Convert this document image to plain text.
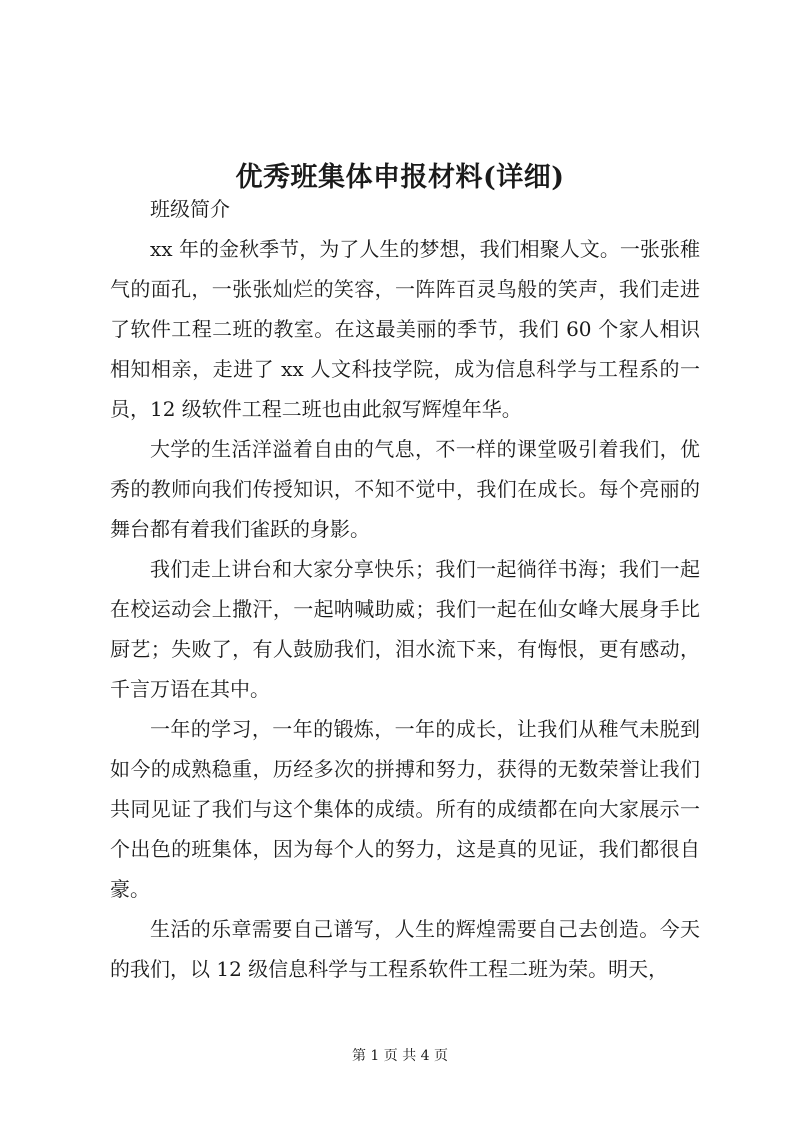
优秀班集体申报材料(详细)

班级简介

xx 年的金秋季节，为了人生的梦想，我们相聚人文。一张张稚气的面孔，一张张灿烂的笑容，一阵阵百灵鸟般的笑声，我们走进了软件工程二班的教室。在这最美丽的季节，我们 60 个家人相识相知相亲，走进了 xx 人文科技学院，成为信息科学与工程系的一员，12 级软件工程二班也由此叙写辉煌年华。

大学的生活洋溢着自由的气息，不一样的课堂吸引着我们，优秀的教师向我们传授知识，不知不觉中，我们在成长。每个亮丽的舞台都有着我们雀跃的身影。

我们走上讲台和大家分享快乐；我们一起徜徉书海；我们一起在校运动会上撒汗，一起呐喊助威；我们一起在仙女峰大展身手比厨艺；失败了，有人鼓励我们，泪水流下来，有悔恨，更有感动，千言万语在其中。

一年的学习，一年的锻炼，一年的成长，让我们从稚气未脱到如今的成熟稳重，历经多次的拼搏和努力，获得的无数荣誉让我们共同见证了我们与这个集体的成绩。所有的成绩都在向大家展示一个出色的班集体，因为每个人的努力，这是真的见证，我们都很自豪。

生活的乐章需要自己谱写，人生的辉煌需要自己去创造。今天的我们，以 12 级信息科学与工程系软件工程二班为荣。明天，

第 1 页 共 4 页
